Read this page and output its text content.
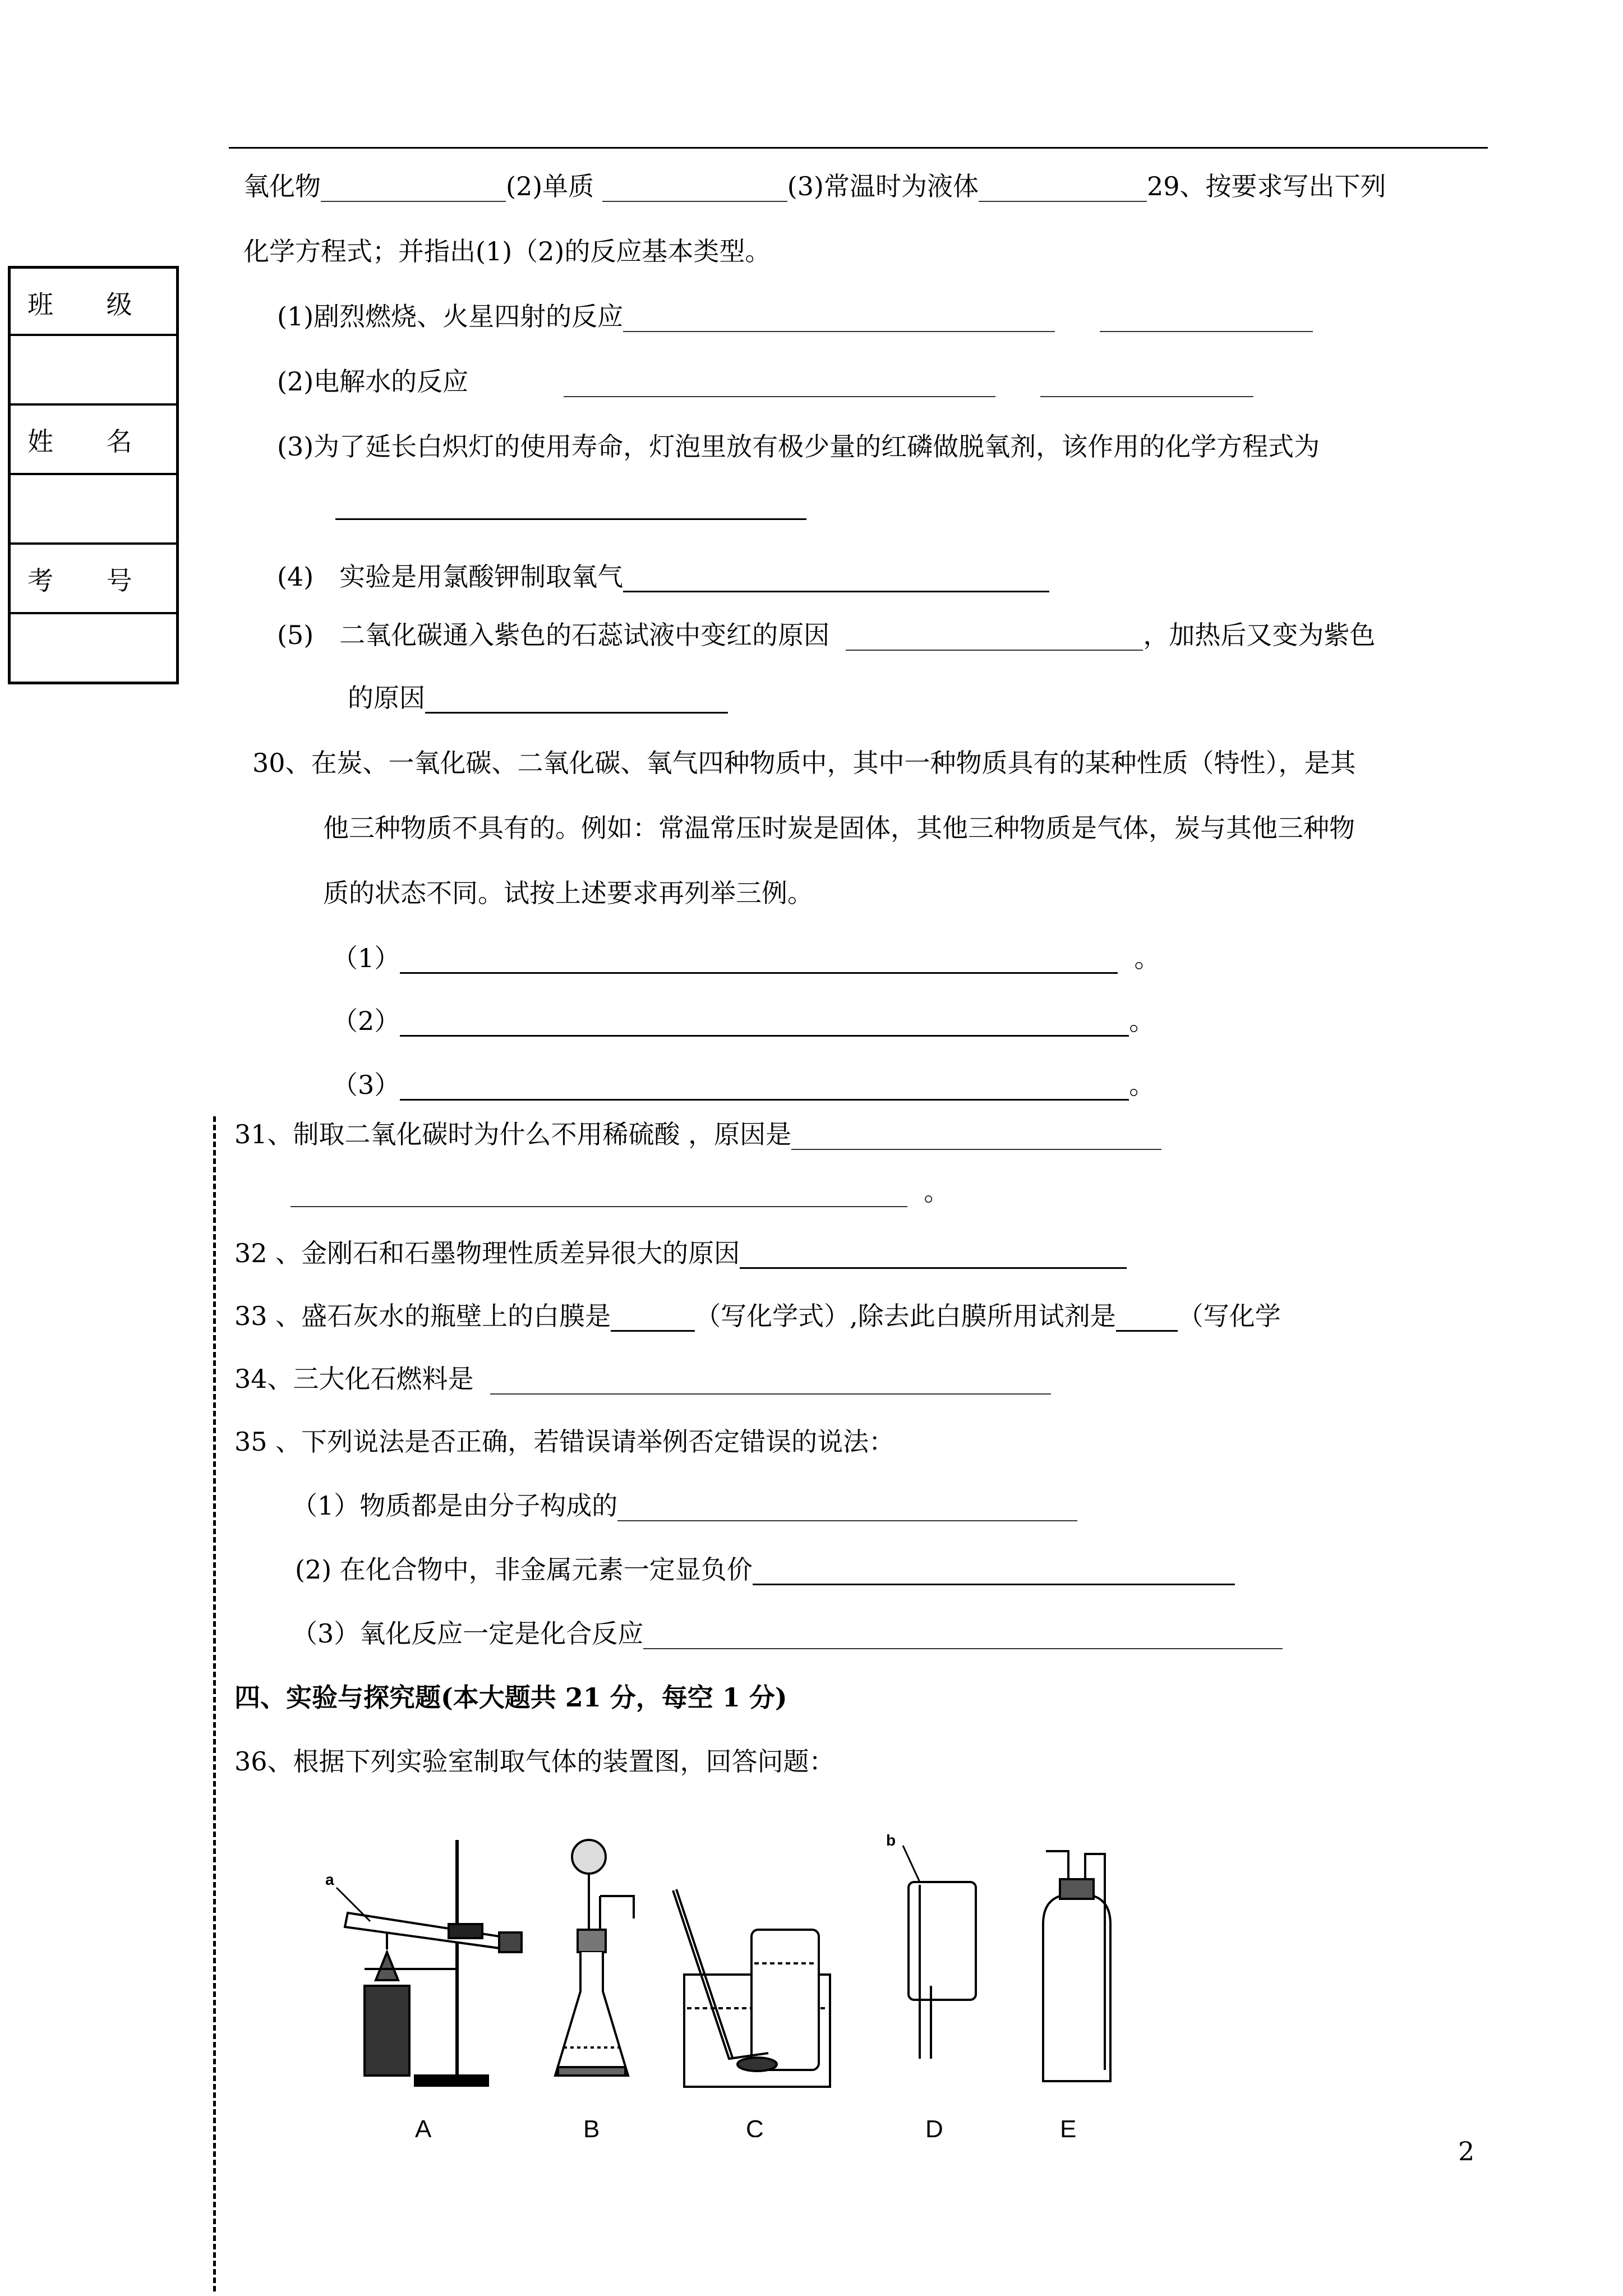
班 级
姓 名
考 号
氧化物	(2)单质	(3)常温时为液体	29、按要求写出下列
化学方程式；并指出(1)（2)的反应基本类型。
(1)剧烈燃烧、火星四射的反应
(2)电解水的反应
(3)为了延长白炽灯的使用寿命，灯泡里放有极少量的红磷做脱氧剂，该作用的化学方程式为
(4)　实验是用氯酸钾制取氧气
(5)　二氧化碳通入紫色的石蕊试液中变红的原因	，加热后又变为紫色
的原因
30、在炭、一氧化碳、二氧化碳、氧气四种物质中，其中一种物质具有的某种性质（特性），是其
他三种物质不具有的。例如：常温常压时炭是固体，其他三种物质是气体，炭与其他三种物
质的状态不同。试按上述要求再列举三例。
（1）	。
（2）	。
（3）	。
31、制取二氧化碳时为什么不用稀硫酸 ，原因是
。
32 、金刚石和石墨物理性质差异很大的原因
33 、盛石灰水的瓶壁上的白膜是	（写化学式）,除去此白膜所用试剂是 （写化学
34、三大化石燃料是
35 、下列说法是否正确，若错误请举例否定错误的说法：
（1）物质都是由分子构成的
(2) 在化合物中，非金属元素一定显负价
（3）氧化反应一定是化合反应
四、实验与探究题(本大题共 21 分，每空 1 分)
36、根据下列实验室制取气体的装置图，回答问题：
a
b
A	B	C	D	E
2
